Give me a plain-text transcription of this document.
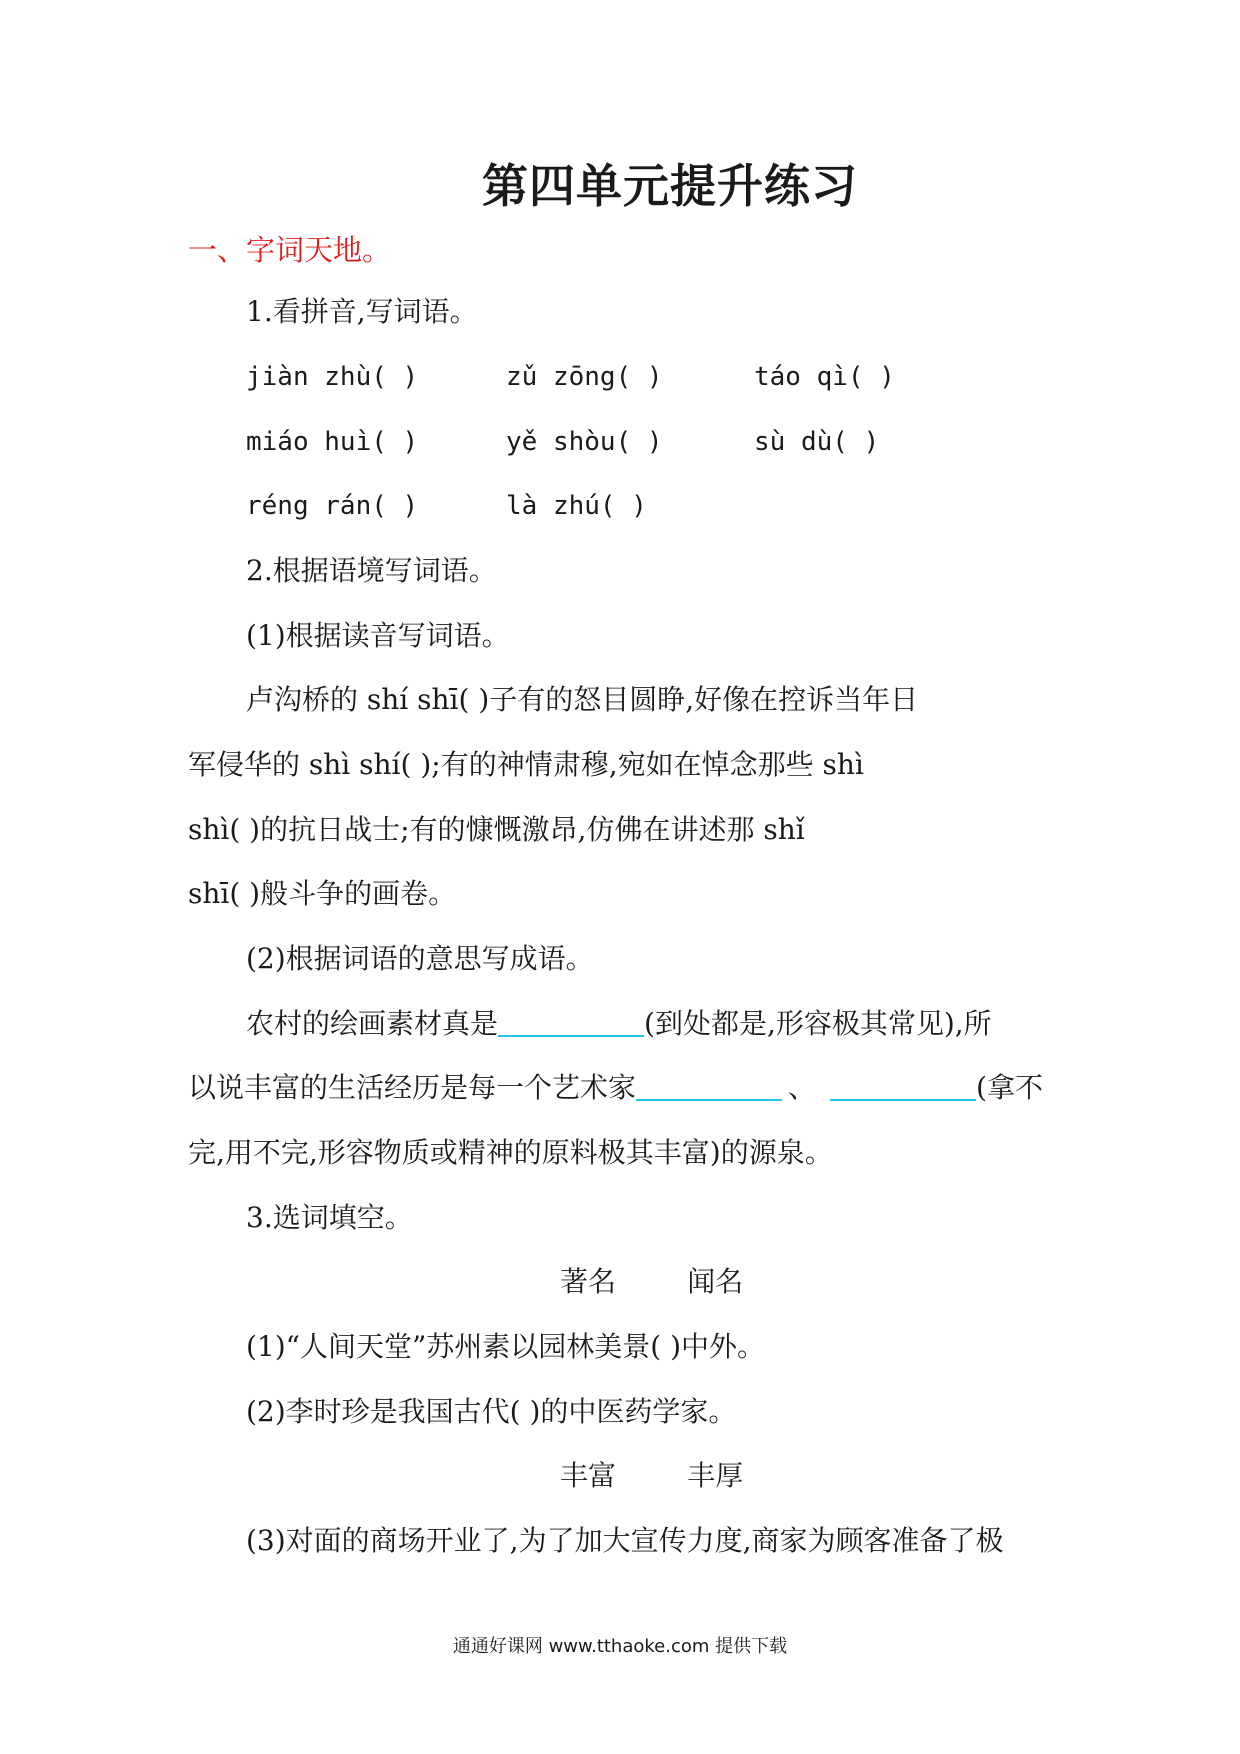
第四单元提升练习
一、字词天地。
1.看拼音,写词语。
jiàn zhù( )	zǔ zōng( )	táo qì( )
miáo huì( )	yě shòu( )	sù dù( )
réng rán( )	là zhú( )
2.根据语境写词语。
(1)根据读音写词语。
卢沟桥的 shí shī( )子有的怒目圆睁,好像在控诉当年日
军侵华的 shì shí( );有的神情肃穆,宛如在悼念那些 shì
shì( )的抗日战士;有的慷慨激昂,仿佛在讲述那 shǐ
shī( )般斗争的画卷。
(2)根据词语的意思写成语。
农村的绘画素材真是	(到处都是,形容极其常见),所
以说丰富的生活经历是每一个艺术家	、	(拿不
完,用不完,形容物质或精神的原料极其丰富)的源泉。
3.选词填空。
著名        闻名
(1)“人间天堂”苏州素以园林美景( )中外。
(2)李时珍是我国古代( )的中医药学家。
丰富        丰厚
(3)对面的商场开业了,为了加大宣传力度,商家为顾客准备了极
通通好课网 www.tthaoke.com 提供下载
